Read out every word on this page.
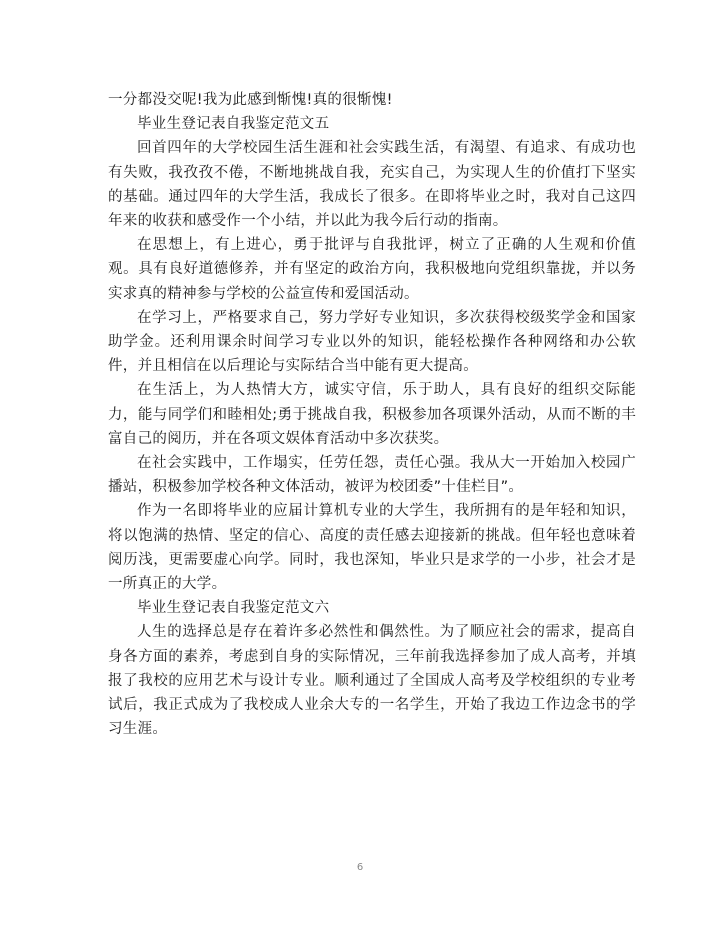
一分都没交呢!我为此感到惭愧!真的很惭愧!

毕业生登记表自我鉴定范文五

回首四年的大学校园生活生涯和社会实践生活，有渴望、有追求、有成功也有失败，我孜孜不倦，不断地挑战自我，充实自己，为实现人生的价值打下坚实的基础。通过四年的大学生活，我成长了很多。在即将毕业之时，我对自己这四年来的收获和感受作一个小结，并以此为我今后行动的指南。

在思想上，有上进心，勇于批评与自我批评，树立了正确的人生观和价值观。具有良好道德修养，并有坚定的政治方向，我积极地向党组织靠拢，并以务实求真的精神参与学校的公益宣传和爱国活动。

在学习上，严格要求自己，努力学好专业知识，多次获得校级奖学金和国家助学金。还利用课余时间学习专业以外的知识，能轻松操作各种网络和办公软件，并且相信在以后理论与实际结合当中能有更大提高。

在生活上，为人热情大方，诚实守信，乐于助人，具有良好的组织交际能力，能与同学们和睦相处;勇于挑战自我，积极参加各项课外活动，从而不断的丰富自己的阅历，并在各项文娱体育活动中多次获奖。

在社会实践中，工作塌实，任劳任怨，责任心强。我从大一开始加入校园广播站，积极参加学校各种文体活动，被评为校团委”十佳栏目”。

作为一名即将毕业的应届计算机专业的大学生，我所拥有的是年轻和知识，将以饱满的热情、坚定的信心、高度的责任感去迎接新的挑战。但年轻也意味着阅历浅，更需要虚心向学。同时，我也深知，毕业只是求学的一小步，社会才是一所真正的大学。

毕业生登记表自我鉴定范文六

人生的选择总是存在着许多必然性和偶然性。为了顺应社会的需求，提高自身各方面的素养，考虑到自身的实际情况，三年前我选择参加了成人高考，并填报了我校的应用艺术与设计专业。顺利通过了全国成人高考及学校组织的专业考试后，我正式成为了我校成人业余大专的一名学生，开始了我边工作边念书的学习生涯。

6
